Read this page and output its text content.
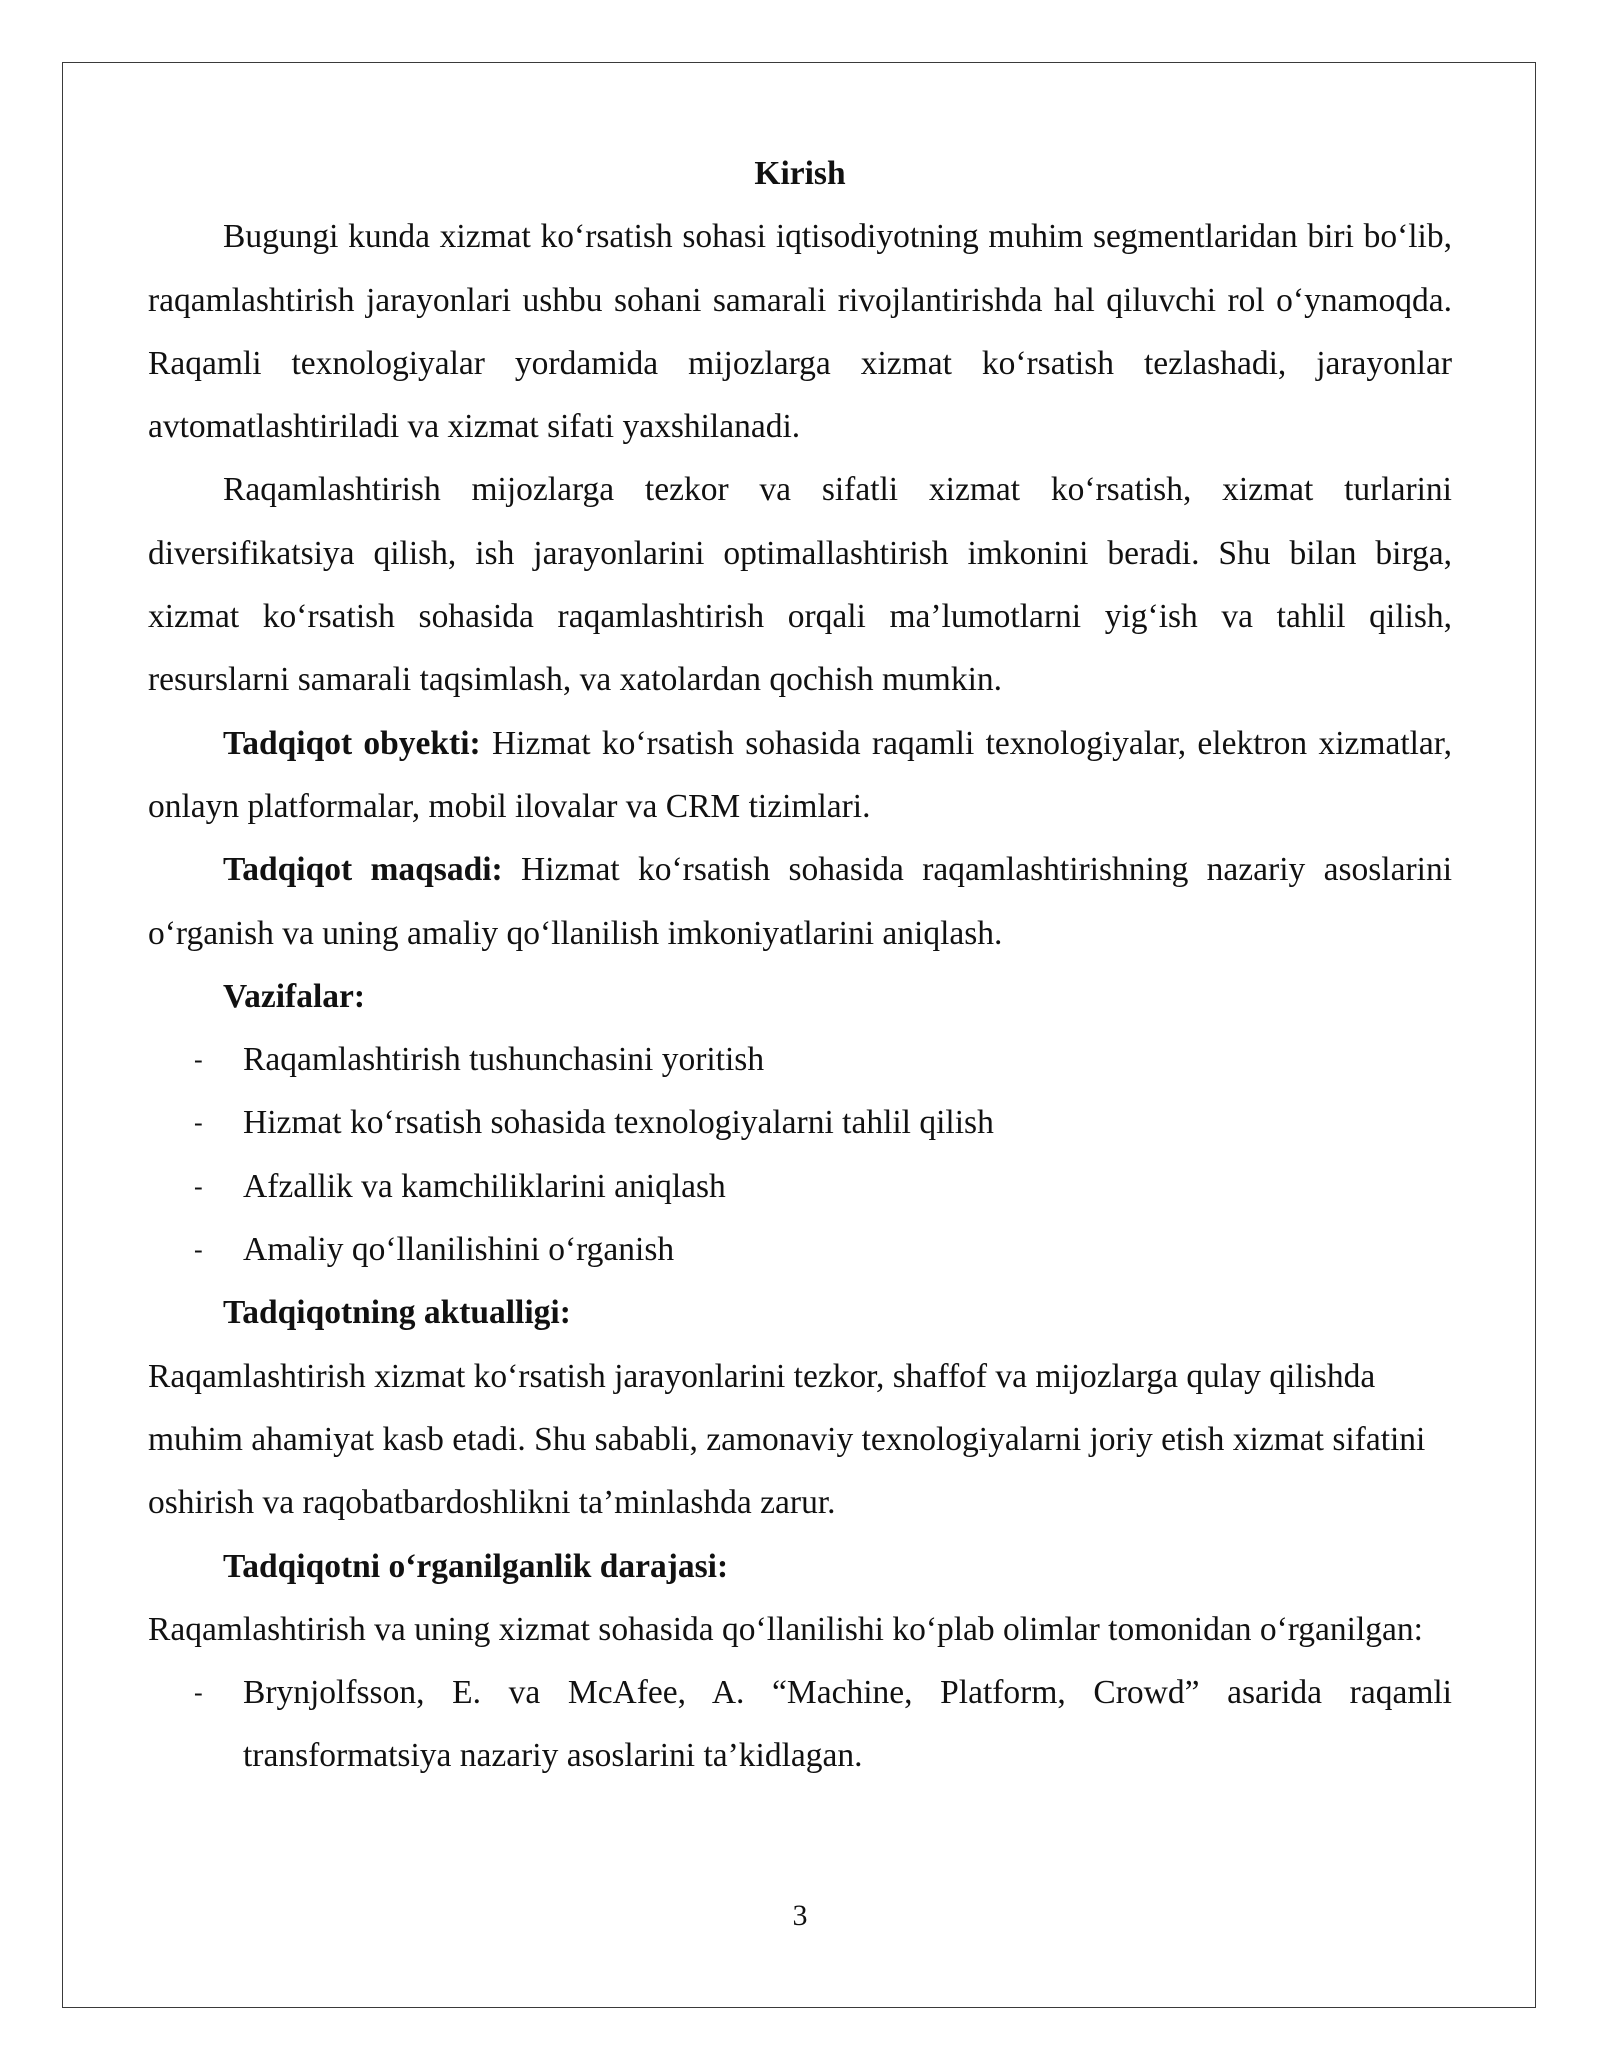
Kirish

Bugungi kunda xizmat ko‘rsatish sohasi iqtisodiyotning muhim segmentlaridan biri bo‘lib, raqamlashtirish jarayonlari ushbu sohani samarali rivojlantirishda hal qiluvchi rol o‘ynamoqda. Raqamli texnologiyalar yordamida mijozlarga xizmat ko‘rsatish tezlashadi, jarayonlar avtomatlashtiriladi va xizmat sifati yaxshilanadi.

Raqamlashtirish mijozlarga tezkor va sifatli xizmat ko‘rsatish, xizmat turlarini diversifikatsiya qilish, ish jarayonlarini optimallashtirish imkonini beradi. Shu bilan birga, xizmat ko‘rsatish sohasida raqamlashtirish orqali ma’lumotlarni yig‘ish va tahlil qilish, resurslarni samarali taqsimlash, va xatolardan qochish mumkin.

Tadqiqot obyekti: Hizmat ko‘rsatish sohasida raqamli texnologiyalar, elektron xizmatlar, onlayn platformalar, mobil ilovalar va CRM tizimlari.

Tadqiqot maqsadi: Hizmat ko‘rsatish sohasida raqamlashtirishning nazariy asoslarini o‘rganish va uning amaliy qo‘llanilish imkoniyatlarini aniqlash.

Vazifalar:

- Raqamlashtirish tushunchasini yoritish
- Hizmat ko‘rsatish sohasida texnologiyalarni tahlil qilish
- Afzallik va kamchiliklarini aniqlash
- Amaliy qo‘llanilishini o‘rganish

Tadqiqotning aktualligi:

Raqamlashtirish xizmat ko‘rsatish jarayonlarini tezkor, shaffof va mijozlarga qulay qilishda muhim ahamiyat kasb etadi. Shu sababli, zamonaviy texnologiyalarni joriy etish xizmat sifatini oshirish va raqobatbardoshlikni ta’minlashda zarur.

Tadqiqotni o‘rganilganlik darajasi:

Raqamlashtirish va uning xizmat sohasida qo‘llanilishi ko‘plab olimlar tomonidan o‘rganilgan:

- Brynjolfsson, E. va McAfee, A. “Machine, Platform, Crowd” asarida raqamli transformatsiya nazariy asoslarini ta’kidlagan.
3
